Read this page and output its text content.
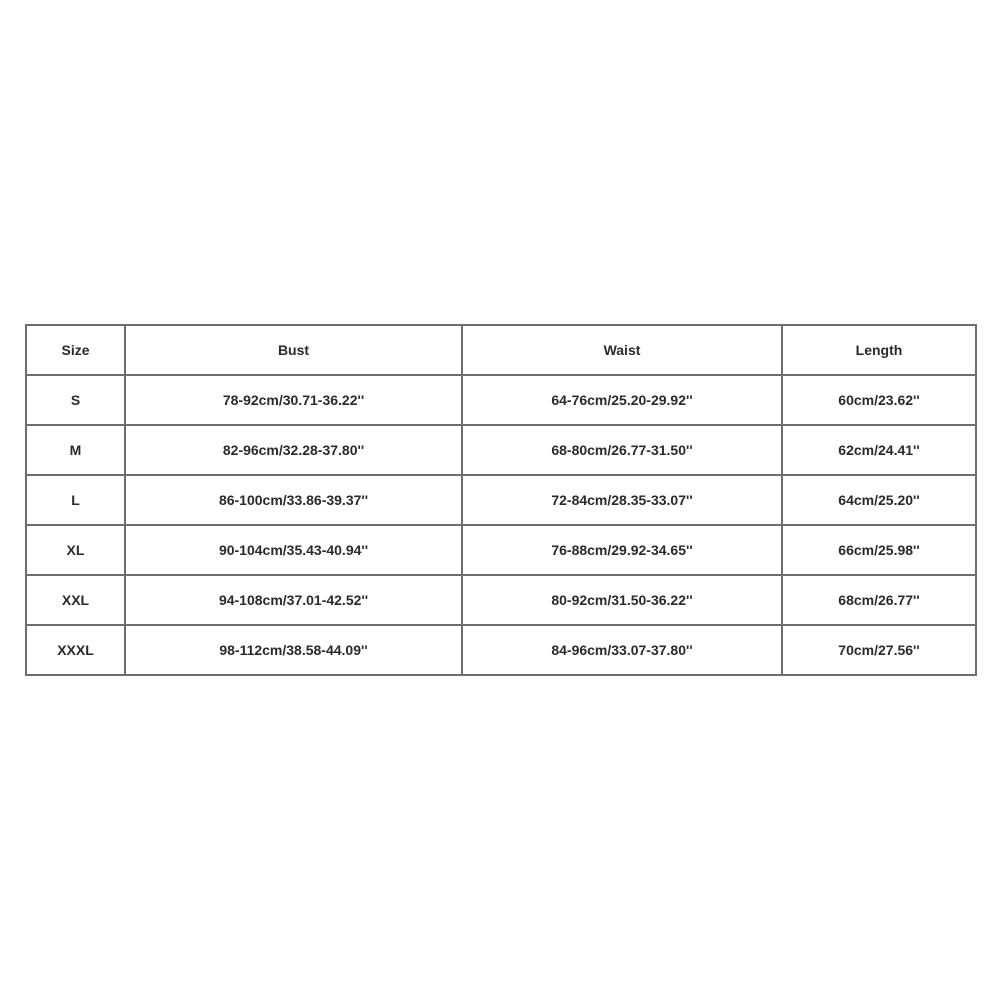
Size	Bust	Waist	Length
S	78-92cm/30.71-36.22''	64-76cm/25.20-29.92''	60cm/23.62''
M	82-96cm/32.28-37.80''	68-80cm/26.77-31.50''	62cm/24.41''
L	86-100cm/33.86-39.37''	72-84cm/28.35-33.07''	64cm/25.20''
XL	90-104cm/35.43-40.94''	76-88cm/29.92-34.65''	66cm/25.98''
XXL	94-108cm/37.01-42.52''	80-92cm/31.50-36.22''	68cm/26.77''
XXXL	98-112cm/38.58-44.09''	84-96cm/33.07-37.80''	70cm/27.56''
